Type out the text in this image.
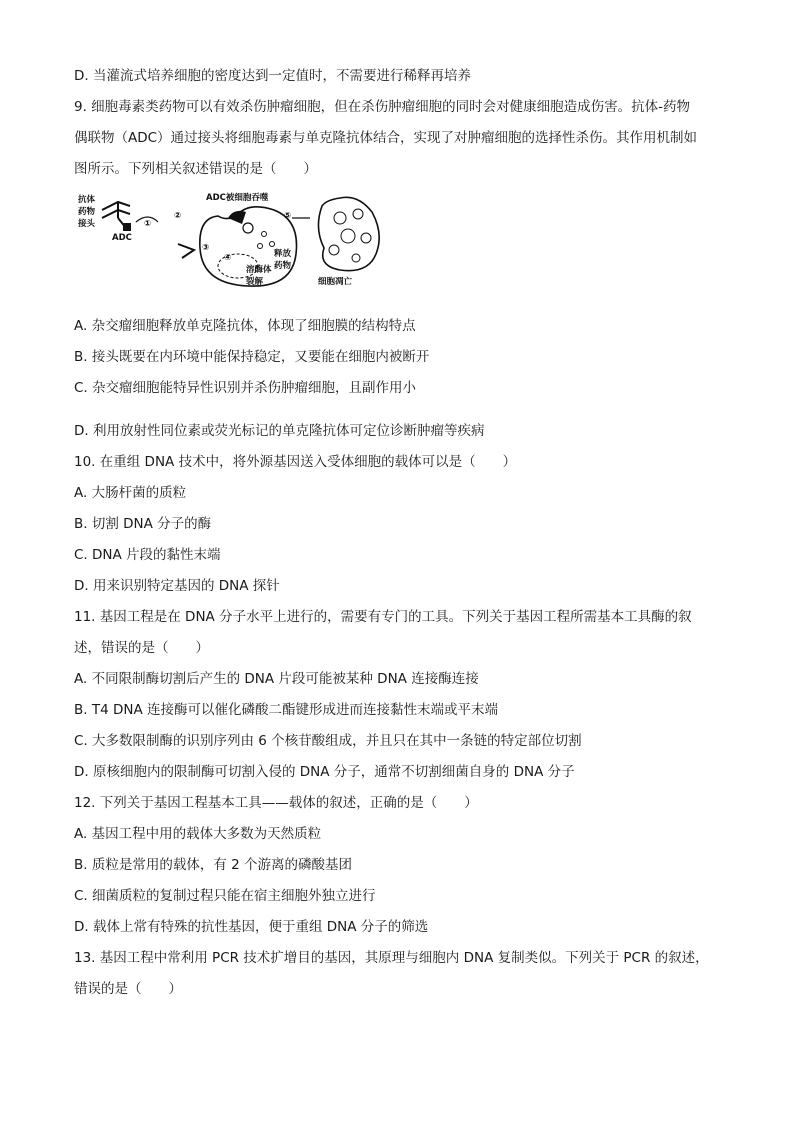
D. 当灌流式培养细胞的密度达到一定值时，不需要进行稀释再培养
9. 细胞毒素类药物可以有效杀伤肿瘤细胞，但在杀伤肿瘤细胞的同时会对健康细胞造成伤害。抗体-药物
偶联物（ADC）通过接头将细胞毒素与单克隆抗体结合，实现了对肿瘤细胞的选择性杀伤。其作用机制如
图所示。下列相关叙述错误的是（　　）
抗体
药物
接头
ADC
①
②
ADC被细胞吞噬
③
④	释放
药物
溶酶体
裂解
⑤
细胞凋亡
A. 杂交瘤细胞释放单克隆抗体，体现了细胞膜的结构特点
B. 接头既要在内环境中能保持稳定，又要能在细胞内被断开
C. 杂交瘤细胞能特异性识别并杀伤肿瘤细胞，且副作用小
D. 利用放射性同位素或荧光标记的单克隆抗体可定位诊断肿瘤等疾病
10. 在重组 DNA 技术中，将外源基因送入受体细胞的载体可以是（　　）
A. 大肠杆菌的质粒
B. 切割 DNA 分子的酶
C. DNA 片段的黏性末端
D. 用来识别特定基因的 DNA 探针
11. 基因工程是在 DNA 分子水平上进行的，需要有专门的工具。下列关于基因工程所需基本工具酶的叙
述，错误的是（　　）
A. 不同限制酶切割后产生的 DNA 片段可能被某种 DNA 连接酶连接
B. T4 DNA 连接酶可以催化磷酸二酯键形成进而连接黏性末端或平末端
C. 大多数限制酶的识别序列由 6 个核苷酸组成，并且只在其中一条链的特定部位切割
D. 原核细胞内的限制酶可切割入侵的 DNA 分子，通常不切割细菌自身的 DNA 分子
12. 下列关于基因工程基本工具——载体的叙述，正确的是（　　）
A. 基因工程中用的载体大多数为天然质粒
B. 质粒是常用的载体，有 2 个游离的磷酸基团
C. 细菌质粒的复制过程只能在宿主细胞外独立进行
D. 载体上常有特殊的抗性基因，便于重组 DNA 分子的筛选
13. 基因工程中常利用 PCR 技术扩增目的基因，其原理与细胞内 DNA 复制类似。下列关于 PCR 的叙述，
错误的是（　　）
